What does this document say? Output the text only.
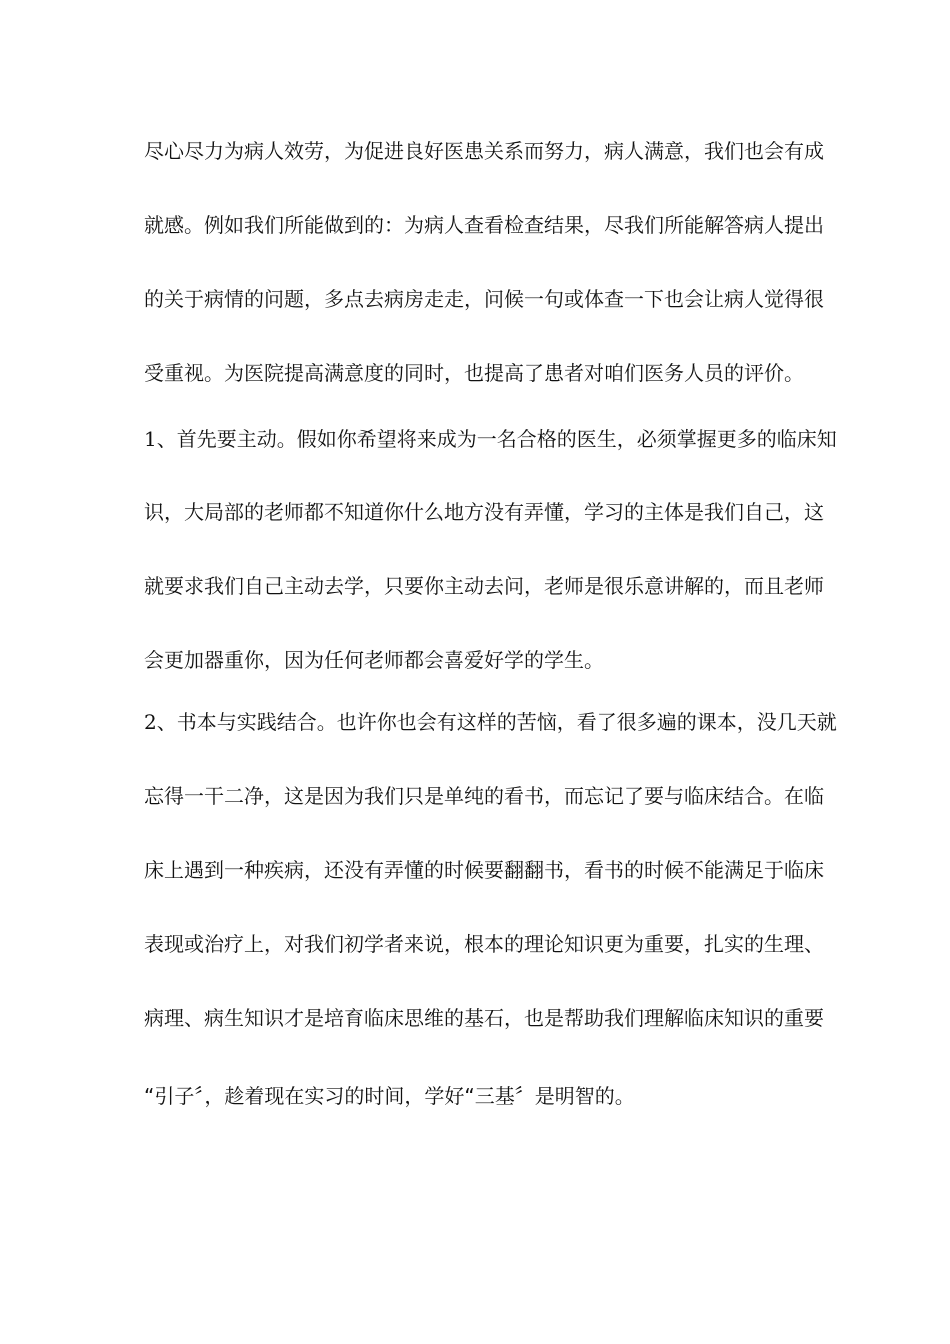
尽心尽力为病人效劳，为促进良好医患关系而努力，病人满意，我们也会有成
就感。例如我们所能做到的：为病人查看检查结果，尽我们所能解答病人提出
的关于病情的问题，多点去病房走走，问候一句或体查一下也会让病人觉得很
受重视。为医院提高满意度的同时，也提高了患者对咱们医务人员的评价。
1、首先要主动。假如你希望将来成为一名合格的医生，必须掌握更多的临床知
识，大局部的老师都不知道你什么地方没有弄懂，学习的主体是我们自己，这
就要求我们自己主动去学，只要你主动去问，老师是很乐意讲解的，而且老师
会更加器重你，因为任何老师都会喜爱好学的学生。
2、书本与实践结合。也许你也会有这样的苦恼，看了很多遍的课本，没几天就
忘得一干二净，这是因为我们只是单纯的看书，而忘记了要与临床结合。在临
床上遇到一种疾病，还没有弄懂的时候要翻翻书，看书的时候不能满足于临床
表现或治疗上，对我们初学者来说，根本的理论知识更为重要，扎实的生理、
病理、病生知识才是培育临床思维的基石，也是帮助我们理解临床知识的重要
“引子〞，趁着现在实习的时间，学好“三基〞是明智的。
